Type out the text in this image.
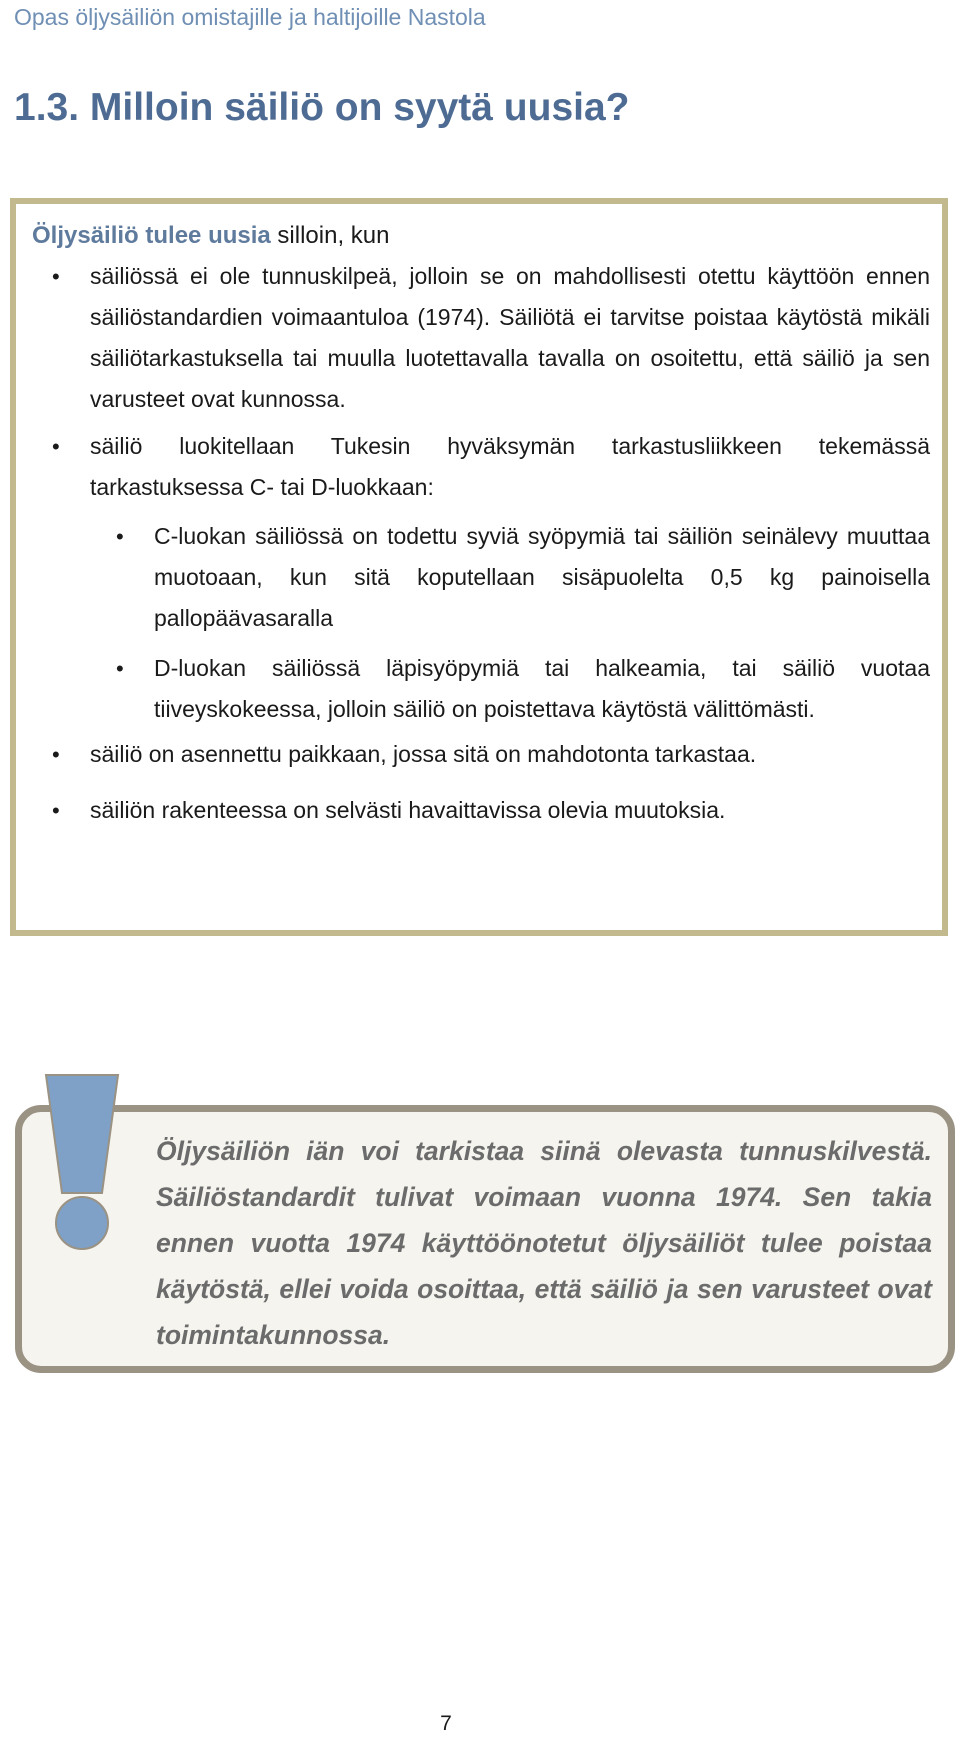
Opas öljysäiliön omistajille ja haltijoille Nastola
1.3. Milloin säiliö on syytä uusia?
Öljysäiliö tulee uusia silloin, kun
• säiliössä ei ole tunnuskilpeä, jolloin se on mahdollisesti otettu käyttöön ennen säiliöstandardien voimaantuloa (1974). Säiliötä ei tarvitse poistaa käytöstä mikäli säiliötarkastuksella tai muulla luotettavalla tavalla on osoitettu, että säiliö ja sen varusteet ovat kunnossa.
• säiliö luokitellaan Tukesin hyväksymän tarkastusliikkeen tekemässä tarkastuksessa C- tai D-luokkaan:
• C-luokan säiliössä on todettu syviä syöpymiä tai säiliön seinälevy muuttaa muotoaan, kun sitä koputellaan sisäpuolelta 0,5 kg painoisella pallopäävasaralla
• D-luokan säiliössä läpisyöpymiä tai halkeamia, tai säiliö vuotaa tiiveyskokeessa, jolloin säiliö on poistettava käytöstä välittömästi.
• säiliö on asennettu paikkaan, jossa sitä on mahdotonta tarkastaa.
• säiliön rakenteessa on selvästi havaittavissa olevia muutoksia.
Öljysäiliön iän voi tarkistaa siinä olevasta tunnuskilvestä. Säiliöstandardit tulivat voimaan vuonna 1974. Sen takia ennen vuotta 1974 käyttöönotetut öljysäiliöt tulee poistaa käytöstä, ellei voida osoittaa, että säiliö ja sen varusteet ovat toimintakunnossa.
7
